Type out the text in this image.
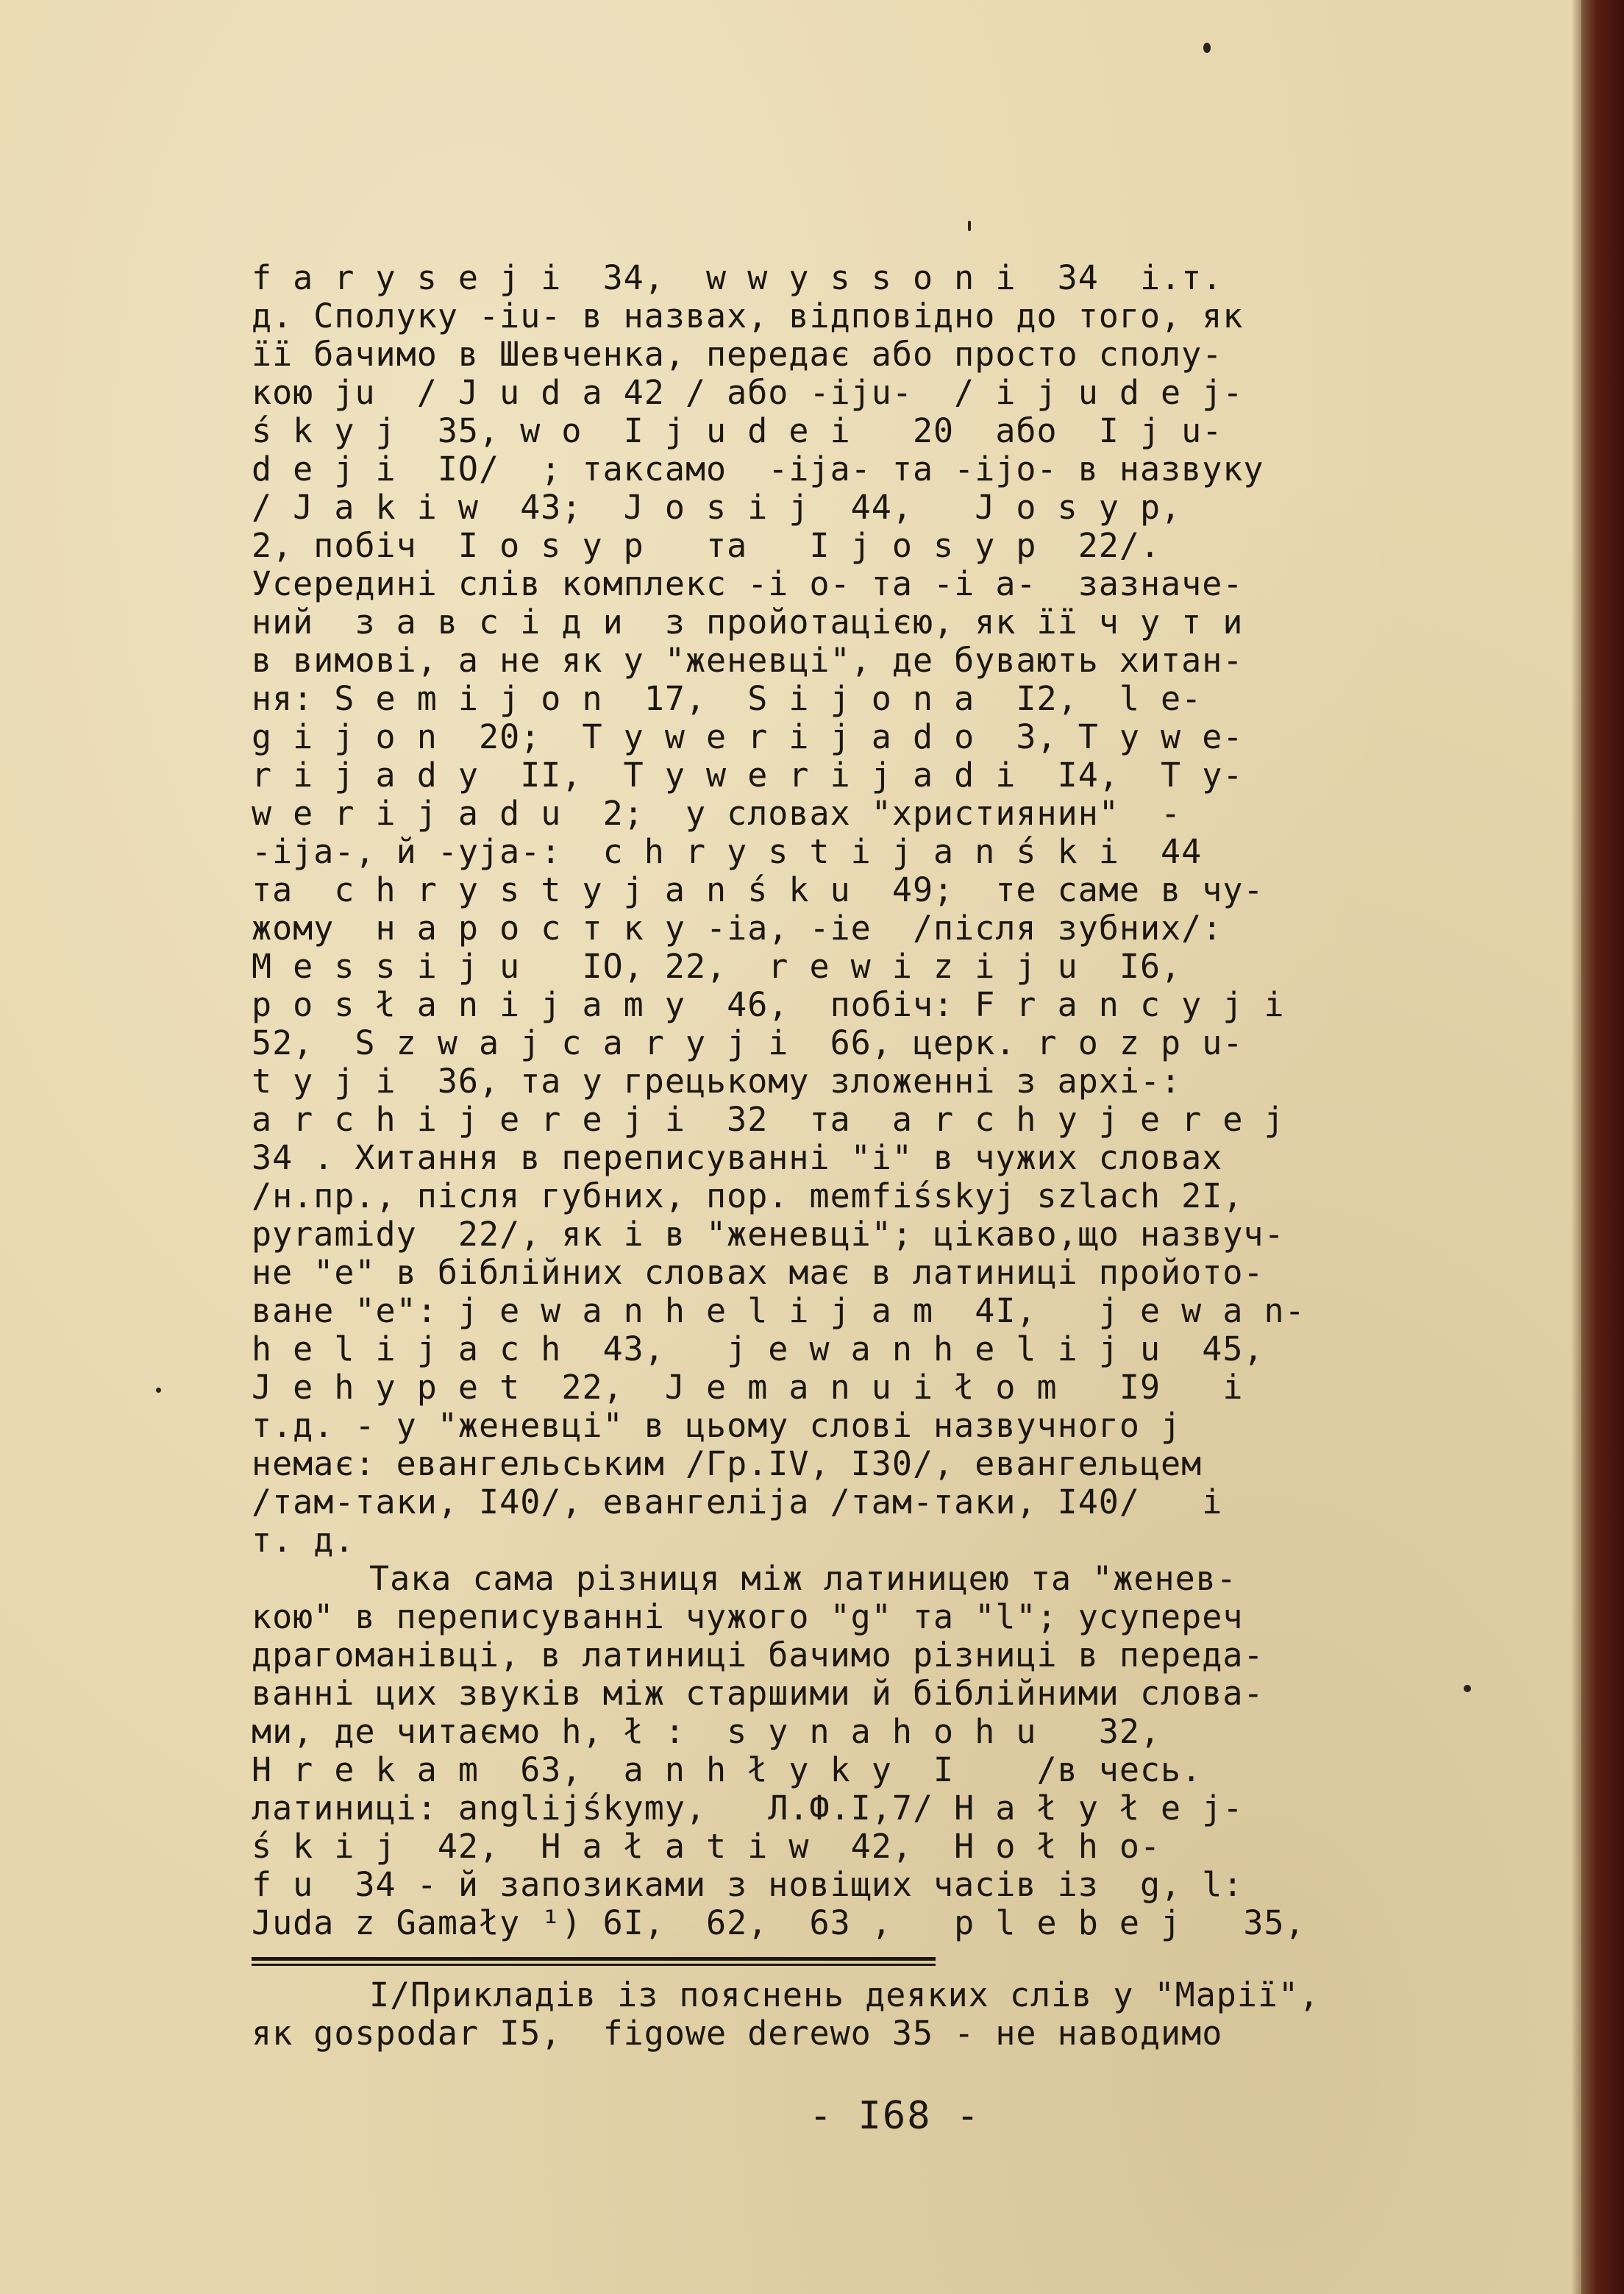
f a r y s e j i  34,  w w y s s o n i  34  i.т.
д. Сполуку -iu- в назвах, відповідно до того, як
її бачимо в Шевченка, передає або просто сполу-
кою ju  / J u d a 42 / або -iju-  / i j u d e j-
ś k y j  35, w o  I j u d e i   20  або  I j u-
d e j i  IO/  ; таксамо  -ija- та -ijo- в назвуку
/ J a k i w  43;  J o s i j  44,   J o s y p,
2, побіч  I o s y p   та   I j o s y p  22/.
Усередині слів комплекс -і о- та -і а-  зазначе-
ний  з а в с і д и  з пройотацією, як її ч у т и
в вимові, а не як у "женевці", де бувають хитан-
ня: S e m i j o n  17,  S i j o n a  I2,  l e-
g i j o n  20;  T y w e r i j a d o  3, T y w e-
r i j a d y  II,  T y w e r i j a d i  I4,  T y-
w e r i j a d u  2;  у словах "християнин"  -
-ija-, й -yja-:  c h r y s t i j a n ś k i  44
та  c h r y s t y j a n ś k u  49;  те саме в чу-
жому  н а р о с т к у -ia, -ie  /після зубних/:
M e s s i j u   IO, 22,  r e w i z i j u  I6,
p o s ł a n i j a m y  46,  побіч: F r a n c y j i
52,  S z w a j c a r y j i  66, церк. r o z p u-
t y j i  36, та у грецькому зложенні з архі-:
a r c h i j e r e j i  32  та  a r c h y j e r e j
34 . Хитання в переписуванні "і" в чужих словах
/н.пр., після губних, пор. memfiśskyj szlach 2I,
pyramidy  22/, як і в "женевці"; цікаво,що назвуч-
не "е" в біблійних словах має в латиниці пройото-
ване "е": j e w a n h e l i j a m  4I,   j e w a n-
h e l i j a c h  43,   j e w a n h e l i j u  45,
J e h y p e t  22,  J e m a n u i ł o m   I9   і
т.д. - у "женевці" в цьому слові назвучного j
немає: евангельським /Гр.IV, I30/, евангельцем
/там-таки, I40/, евангелija /там-таки, I40/   і
т. д.
Така сама різниця між латиницею та "женев-
кою" в переписуванні чужого "g" та "l"; усупереч
драгоманівці, в латиниці бачимо різниці в переда-
ванні цих звуків між старшими й біблійними слова-
ми, де читаємо h, ł :  s y n a h o h u   32,
H r e k a m  63,  a n h ł y k y  I    /в чесь.
латиниці: anglijśkymy,   Л.Ф.I,7/ H a ł y ł e j-
ś k i j  42,  H a ł a t i w  42,  H o ł h o-
f u  34 - й запозиками з новіщих часів із  g, l:
Juda z Gamały ¹) 6I,  62,  63 ,   p l e b e j   35,
I/Прикладів із пояснень деяких слів у "Марії",
як gospodar I5,  figowe derewo 35 - не наводимо
- I68 -
